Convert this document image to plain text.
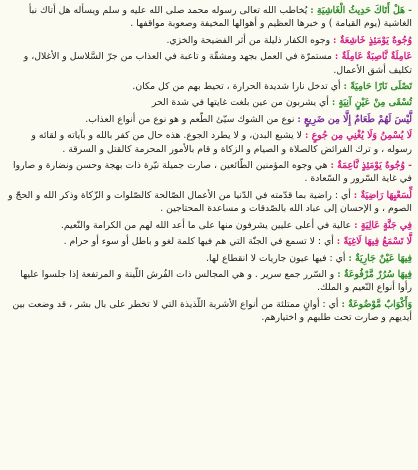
- هَلْ أَتَاكَ حَدِيثُ الْغَاشِيَةِ : يُخاطب الله تعالى رسوله محمد صلى الله عليه و سلم ويسأله هل أتاك نبأ الغاشية (يوم القيامة ) و خبرها العظيم و أهوالها المخيفة وصعوبة مواقفها .

وُجُوهٌ يَوْمَئِذٍ خَاشِعَةٌ : وجوه الكفار ذليلة من أثر الفضيحة والخزي.

عَامِلَةٌ نَّاصِبَةٌ عَامِلَةٌ : مستمرّة في العمل بجهد ومشقّة و تاعبة في العذاب من جرّ السَّلاسل و الأغلال، و تكليف أشق الأعمال.

تَصْلَى نَارًا حَامِيَةً : أي تدخل نارا شديدة الحرارة ، تحيط بهم من كل مكان.

تُسْقَى مِنْ عَيْنٍ آنِيَةٍ : أي يشربون من عين بلغت غايتها في شدة الحر

لَّيْسَ لَهُمْ طَعَامٌ إِلَّا مِن ضَرِيعٍ : نوع من الشوك سيّئ الطّعم و هو نوع من أنواع العذاب.

لَا يُسْمِنُ وَلَا يُغْنِي مِن جُوعٍ : لا يشبع البدن، و لا يطرد الجوع. هذه حال من كفر بالله و بآياته و لقائه و رسوله ، و ترك الفرائض كالصلاة و الصيام و الزكاة و قام بالأمور المحرمة كالقتل و السرقة .

- وُجُوهٌ يَوْمَئِذٍ نَّاعِمَةٌ : هي وجوه المؤمنين الطّائعين ، صارت جميلة نيّرة ذات بهجة وحسن ونضارة و صاروا في غاية السّرور و السّعادة .

لِّسَعْيِهَا رَاضِيَةٌ : أي : راضية بما قدّمته في الدّنيا من الأعمال الصّالحة كالصّلوات و الزّكاة وذكر الله و الحجّ و الصوم ، و الإحسان إلى عباد الله بالصّدقات و مساعدة المحتاجين .

فِي جَنَّةٍ عَالِيَةٍ : عالية في أعلى عليين يشرفون منها على ما أعد الله لهم من الكرامة والنّعيم.

لَّا تَسْمَعُ فِيهَا لَاغِيَةً : أي : لا تسمع في الجنّة التي هم فيها كلمة لغو و باطل أو سوء أو حرام .

فِيهَا عَيْنٌ جَارِيَةٌ : أي : فيها عيون جاريات لا انقطاع لها.

فِيهَا سُرُرٌ مَّرْفُوعَةٌ : و السّرر جمع سرير . و هي المجالس ذات الفُرش اللّينة و المرتفعة إذا جلسوا عليها رأوا أنواع النّعيم و الملك.

وَأَكْوَابٌ مَّوْضُوعَةٌ : أي : أوانٍ ممتلئة من أنواع الأشربة اللّذيذة التي لا تخطر على بال بشر ، قد وضعت بين أيديهم و صارت تحت طلبهم و اختيارهم.
